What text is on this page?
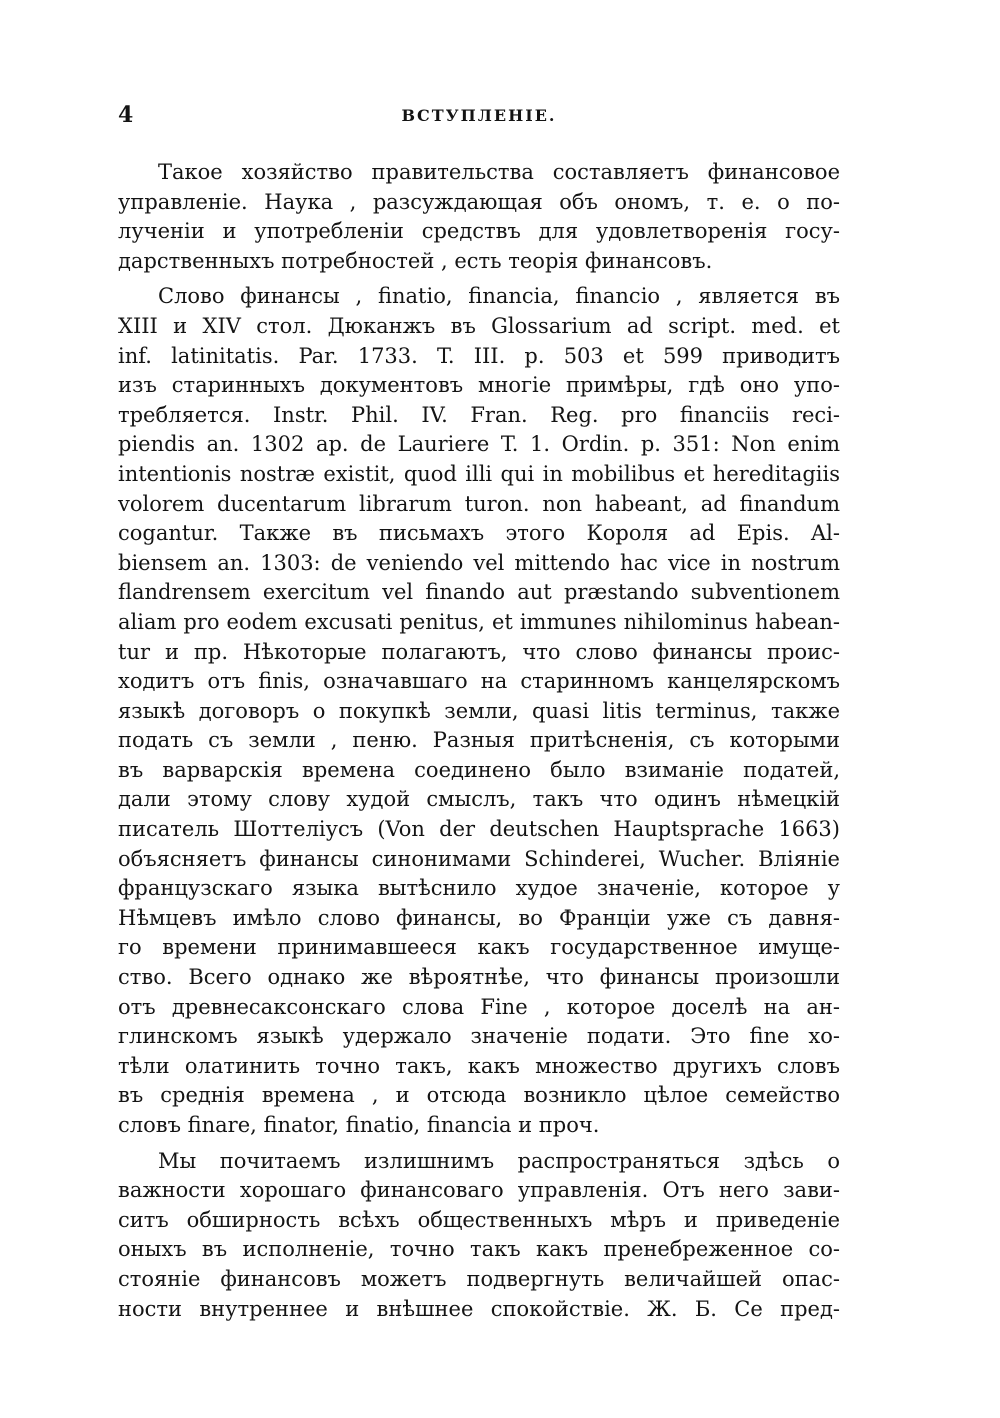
4	ВСТУПЛЕНІЕ.
Такое хозяйство правительства составляетъ финансовое
управленіе. Наука , разсуждающая объ ономъ, т. е. о по-
лученіи и употребленіи средствъ для удовлетворенія госу-
дарственныхъ потребностей , есть теорія финансовъ.
Слово финансы , finatio, financia, financio , является въ
XIII и XIV стол. Дюканжъ въ Glossarium ad script. med. et
inf. latinitatis. Par. 1733. T. III. p. 503 et 599 приводитъ
изъ старинныхъ документовъ многіе примѣры, гдѣ оно упо-
требляется. Instr. Phil. IV. Fran. Reg. pro financiis reci-
piendis an. 1302 ap. de Lauriere T. 1. Ordin. p. 351: Non enim
intentionis nostræ existit, quod illi qui in mobilibus et hereditagiis
volorem ducentarum librarum turon. non habeant, ad finandum
cogantur. Также въ письмахъ этого Короля ad Epis. Al-
biensem an. 1303: de veniendo vel mittendo hac vice in nostrum
flandrensem exercitum vel finando aut præstando subventionem
aliam pro eodem excusati penitus, et immunes nihilominus habean-
tur и пр. Нѣкоторые полагаютъ, что слово финансы проис-
ходитъ отъ finis, означавшаго на старинномъ канцелярскомъ
языкѣ договоръ о покупкѣ земли, quasi litis terminus, также
подать съ земли , пеню. Разныя притѣсненія, съ которыми
въ варварскія времена соединено было взиманіе податей,
дали этому слову худой смыслъ, такъ что одинъ нѣмецкій
писатель Шоттеліусъ (Von der deutschen Hauptsprache 1663)
объясняетъ финансы синонимами Schinderei, Wucher. Вліяніе
французскаго языка вытѣснило худое значеніе, которое у
Нѣмцевъ имѣло слово финансы, во Франціи уже съ давня-
го времени принимавшееся какъ государственное имуще-
ство. Всего однако же вѣроятнѣе, что финансы произошли
отъ древнесаксонскаго слова Fine , которое доселѣ на ан-
глинскомъ языкѣ удержало значеніе подати. Это fine хо-
тѣли олатинить точно такъ, какъ множество другихъ словъ
въ среднія времена , и отсюда возникло цѣлое семейство
словъ finare, finator, finatio, financia и проч.
Мы почитаемъ излишнимъ распространяться здѣсь о
важности хорошаго финансоваго управленія. Отъ него зави-
ситъ обширность всѣхъ общественныхъ мѣръ и приведеніе
оныхъ въ исполненіе, точно такъ какъ пренебреженное со-
стояніе финансовъ можетъ подвергнуть величайшей опас-
ности внутреннее и внѣшнее спокойствіе. Ж. Б. Се пред-
